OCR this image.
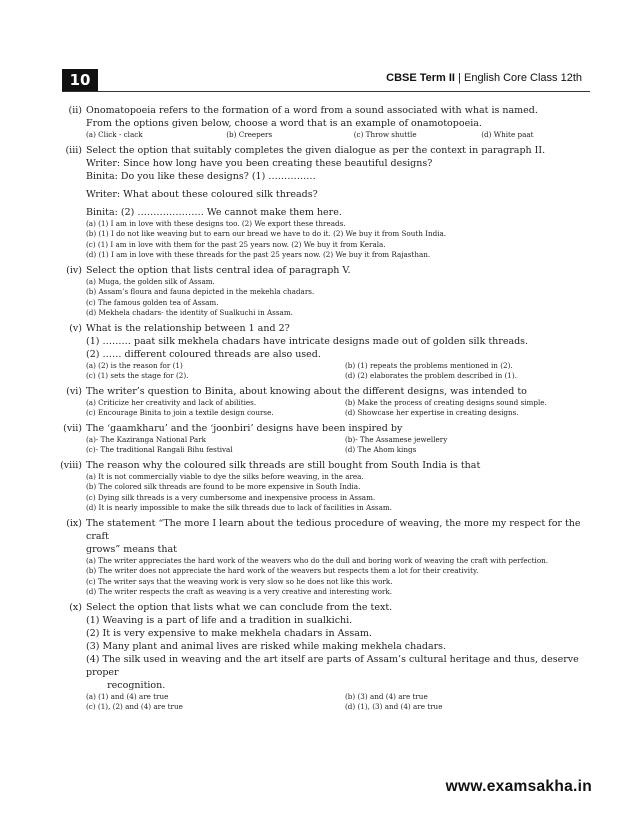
10	CBSE Term II | English Core Class 12th
(ii) Onomatopoeia refers to the formation of a word from a sound associated with what is named.
From the options given below, choose a word that is an example of onamotopoeia.
(a) Click - clack	(b) Creepers	(c) Throw shuttle	(d) White paat
(iii) Select the option that suitably completes the given dialogue as per the context in paragraph II.
Writer: Since how long have you been creating these beautiful designs?
Binita: Do you like these designs? (1) ……………
Writer: What about these coloured silk threads?
Binita: (2) ………………… We cannot make them here.
(a) (1) I am in love with these designs too. (2) We export these threads.
(b) (1) I do not like weaving but to earn our bread we have to do it. (2) We buy it from South India.
(c) (1) I am in love with them for the past 25 years now. (2) We buy it from Kerala.
(d) (1) I am in love with these threads for the past 25 years now. (2) We buy it from Rajasthan.
(iv) Select the option that lists central idea of paragraph V.
(a) Muga, the golden silk of Assam.
(b) Assam’s floura and fauna depicted in the mekehla chadars.
(c) The famous golden tea of Assam.
(d) Mekhela chadars- the identity of Sualkuchi in Assam.
(v) What is the relationship between 1 and 2?
(1) ……… paat silk mekhela chadars have intricate designs made out of golden silk threads.
(2) …… different coloured threads are also used.
(a) (2) is the reason for (1)	(b) (1) repeats the problems mentioned in (2).
(c) (1) sets the stage for (2).	(d) (2) elaborates the problem described in (1).
(vi) The writer’s question to Binita, about knowing about the different designs, was intended to
(a) Criticize her creativity and lack of abilities.	(b) Make the process of creating designs sound simple.
(c) Encourage Binita to join a textile design course.	(d) Showcase her expertise in creating designs.
(vii) The ‘gaamkharu’ and the ‘joonbiri’ designs have been inspired by
(a)- The Kaziranga National Park	(b)- The Assamese jewellery
(c)- The traditional Rangali Bihu festival	(d) The Ahom kings
(viii) The reason why the coloured silk threads are still bought from South India is that
(a) It is not commercially viable to dye the silks before weaving, in the area.
(b) The colored silk threads are found to be more expensive in South India.
(c) Dying silk threads is a very cumbersome and inexpensive process in Assam.
(d) It is nearly impossible to make the silk threads due to lack of facilities in Assam.
(ix) The statement “The more I learn about the tedious procedure of weaving, the more my respect for the craft
grows” means that
(a) The writer appreciates the hard work of the weavers who do the dull and boring work of weaving the craft with perfection.
(b) The writer does not appreciate the hard work of the weavers but respects them a lot for their creativity.
(c) The writer says that the weaving work is very slow so he does not like this work.
(d) The writer respects the craft as weaving is a very creative and interesting work.
(x) Select the option that lists what we can conclude from the text.
(1) Weaving is a part of life and a tradition in sualkichi.
(2) It is very expensive to make mekhela chadars in Assam.
(3) Many plant and animal lives are risked while making mekhela chadars.
(4) The silk used in weaving and the art itself are parts of Assam’s cultural heritage and thus, deserve proper
recognition.
(a) (1) and (4) are true	(b) (3) and (4) are true
(c) (1), (2) and (4) are true	(d) (1), (3) and (4) are true
www.examsakha.in
